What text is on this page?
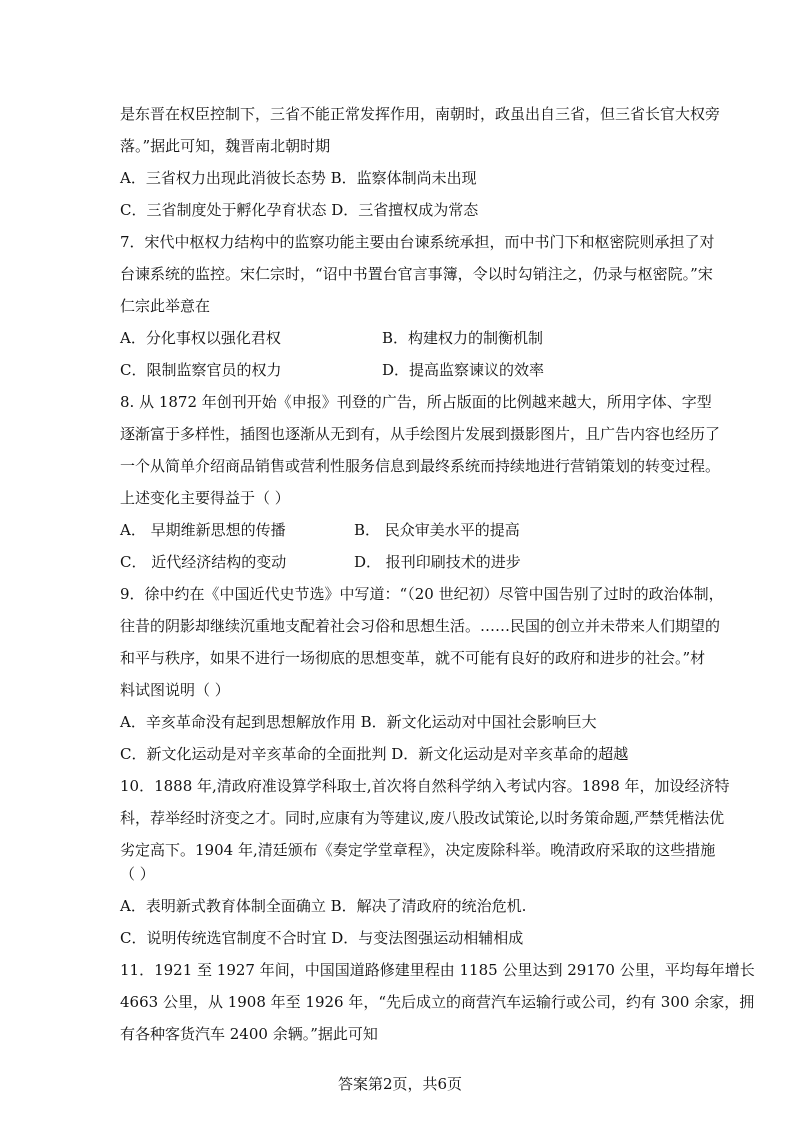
是东晋在权臣控制下，三省不能正常发挥作用，南朝时，政虽出自三省，但三省长官大权旁
落。”据此可知，魏晋南北朝时期
A．三省权力出现此消彼长态势 B．监察体制尚未出现
C．三省制度处于孵化孕育状态 D．三省擅权成为常态
7．宋代中枢权力结构中的监察功能主要由台谏系统承担，而中书门下和枢密院则承担了对
台谏系统的监控。宋仁宗时，“诏中书置台官言事簿，令以时勾销注之，仍录与枢密院。”宋
仁宗此举意在
A．分化事权以强化君权	B．构建权力的制衡机制
C．限制监察官员的权力	D．提高监察谏议的效率
8. 从 1872 年创刊开始《申报》刊登的广告，所占版面的比例越来越大，所用字体、字型
逐渐富于多样性，插图也逐渐从无到有，从手绘图片发展到摄影图片，且广告内容也经历了
一个从简单介绍商品销售或营利性服务信息到最终系统而持续地进行营销策划的转变过程。
上述变化主要得益于（ ）
A． 早期维新思想的传播	B． 民众审美水平的提高
C． 近代经济结构的变动	D． 报刊印刷技术的进步
9．徐中约在《中国近代史节选》中写道：“（20 世纪初）尽管中国告别了过时的政治体制，
往昔的阴影却继续沉重地支配着社会习俗和思想生活。……民国的创立并未带来人们期望的
和平与秩序，如果不进行一场彻底的思想变革，就不可能有良好的政府和进步的社会。”材
料试图说明（ ）
A．辛亥革命没有起到思想解放作用 B．新文化运动对中国社会影响巨大
C．新文化运动是对辛亥革命的全面批判 D．新文化运动是对辛亥革命的超越
10．1888 年,清政府准设算学科取士,首次将自然科学纳入考试内容。1898 年，加设经济特
科，荐举经时济变之才。同时,应康有为等建议,废八股改试策论,以时务策命题,严禁凭楷法优
劣定高下。1904 年,清廷颁布《奏定学堂章程》，决定废除科举。晚清政府采取的这些措施
（ ）
A．表明新式教育体制全面确立 B．解决了清政府的统治危机.
C．说明传统选官制度不合时宜 D．与变法图强运动相辅相成
11．1921 至 1927 年间，中国国道路修建里程由 1185 公里达到 29170 公里，平均每年增长
4663 公里，从 1908 年至 1926 年，“先后成立的商营汽车运输行或公司，约有 300 余家，拥
有各种客货汽车 2400 余辆。”据此可知
答案第2页，共6页
